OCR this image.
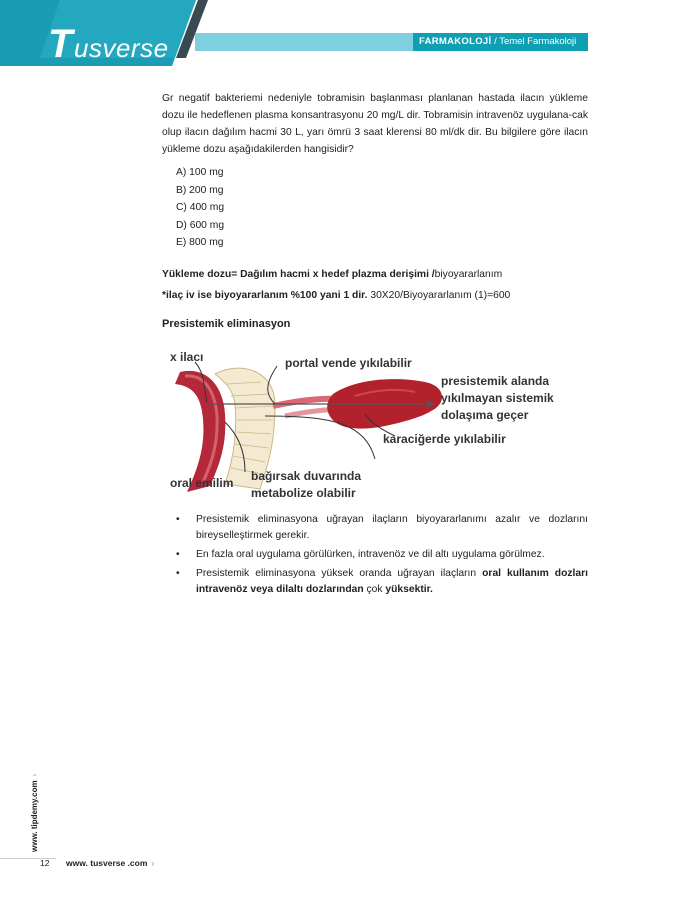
T usverse	FARMAKOLOJİ / Temel Farmakoloji

Gr negatif bakteriemi nedeniyle tobramisin başlanması planlanan hastada ilacın yükleme dozu ile hedeflenen plasma konsantrasyonu 20 mg/L dir. Tobramisin intravenöz uygulana-cak olup ilacın dağılım hacmi 30 L, yarı ömrü 3 saat klerensi 80 ml/dk dir. Bu bilgilere göre ilacın yükleme dozu aşağıdakilerden hangisidir?

A) 100 mg
B) 200 mg
C) 400 mg
D) 600 mg
E) 800 mg
Yükleme dozu= Dağılım hacmi x hedef plazma derişimi /biyoyararlanım
*ilaç iv ise biyoyararlanım %100 yani 1 dir. 30X20/Biyoyararlanım (1)=600
Presistemik eliminasyon
x ilacı	portal vende yıkılabilir
presistemik alanda
yıkılmayan sistemik
dolaşıma geçer
karaciğerde yıkılabilir
oral emilim bağırsak duvarında
metabolize olabilir
• Presistemik eliminasyona uğrayan ilaçların biyoyararlanımı azalır ve dozlarını bireyselleştirmek gerekir.
• En fazla oral uygulama görülürken, intravenöz ve dil altı uygulama görülmez.
• Presistemik eliminasyona yüksek oranda uğrayan ilaçların oral kullanım dozları intravenöz veya dilaltı dozlarından çok yüksektir.
www. tipdemy.com›
12 www. tusverse .com ›
